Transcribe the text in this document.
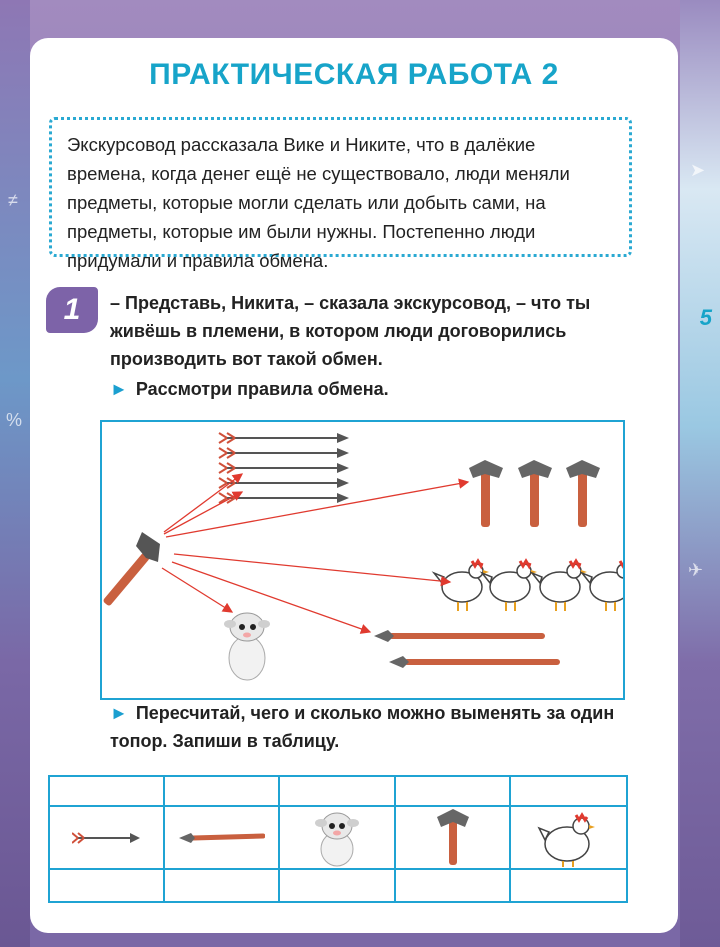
≠
%
➤
✈
ПРАКТИЧЕСКАЯ РАБОТА 2
Экскурсовод рассказала Вике и Никите, что в далёкие времена, когда денег ещё не существовало, люди меняли предметы, которые могли сделать или добыть сами, на предметы, которые им были нужны. Постепенно люди придумали и правила обмена.
1	– Представь, Никита, – сказала экскурсовод, – что ты живёшь в племени, в котором люди договорились производить вот такой обмен.
► Рассмотри правила обмена.
► Пересчитай, чего и сколько можно выменять за один топор. Запиши в таблицу.
5
